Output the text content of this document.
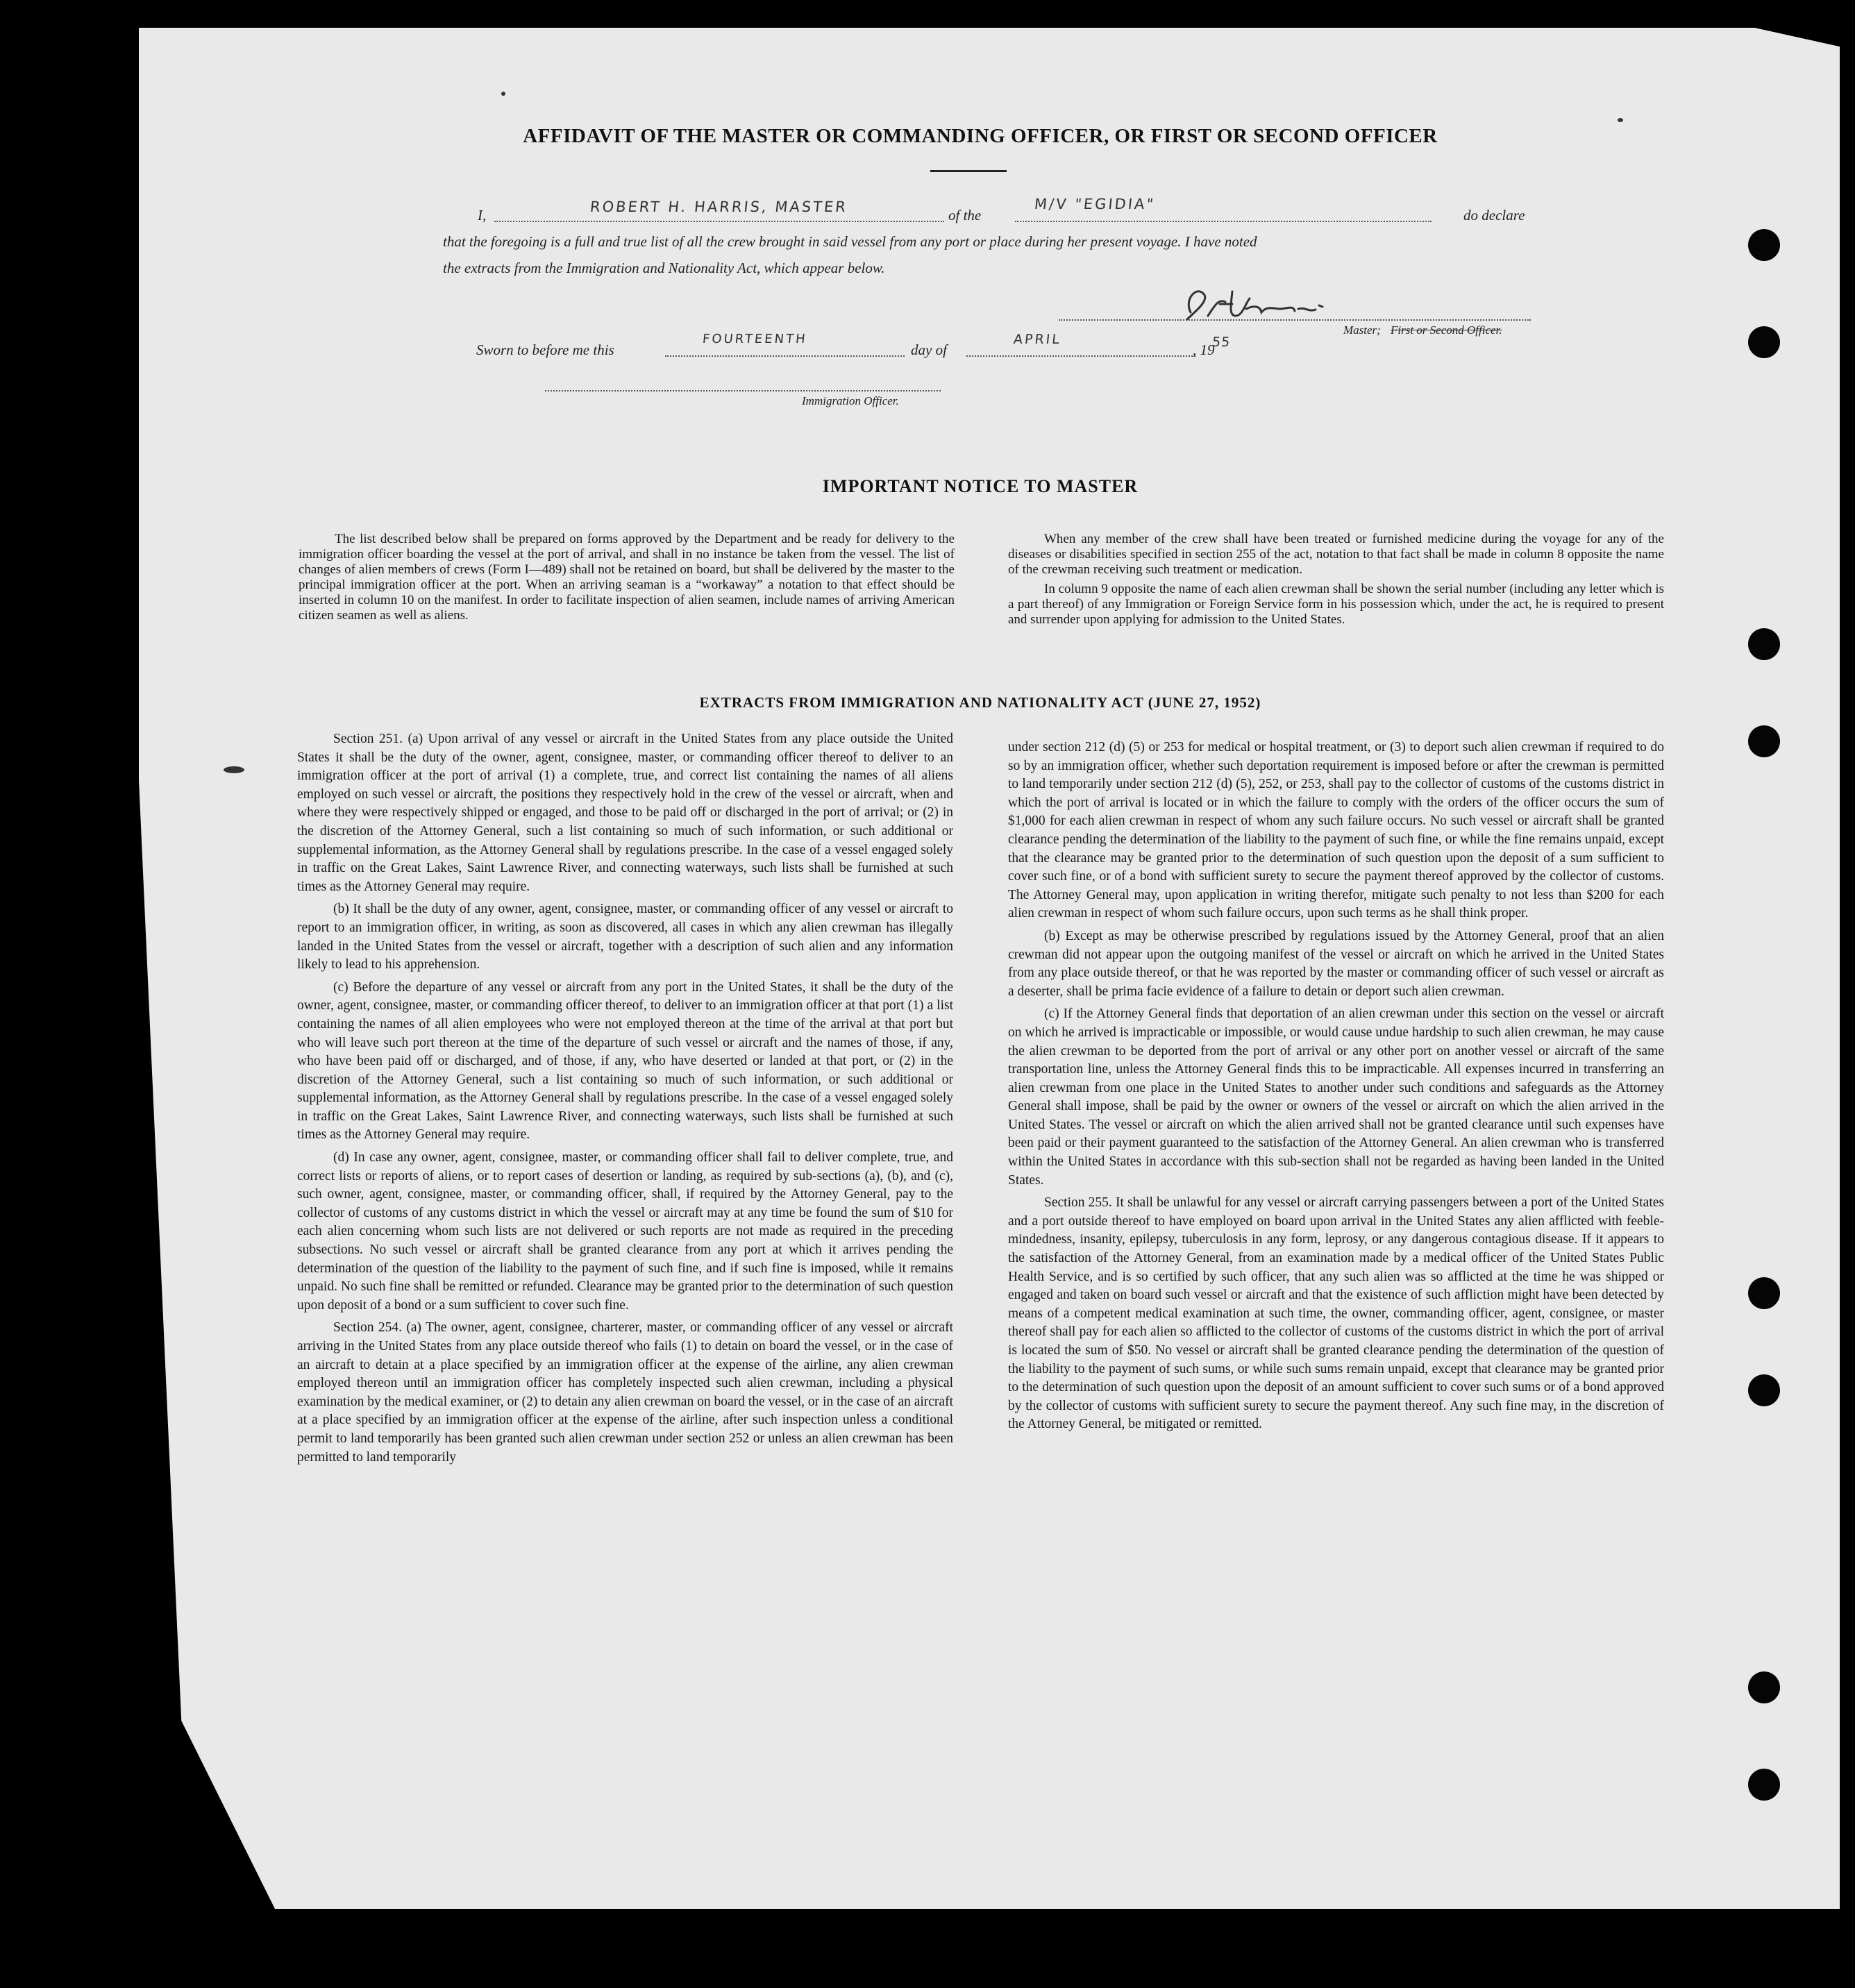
AFFIDAVIT OF THE MASTER OR COMMANDING OFFICER, OR FIRST OR SECOND OFFICER
I,	ROBERT H. HARRIS, MASTER	of the
M/V "EGIDIA"
do declare
that the foregoing is a full and true list of all the crew brought in said vessel from any port or place during her present voyage. I have noted
the extracts from the Immigration and Nationality Act, which appear below.
Master; First or Second Officer.
Sworn to before me this
FOURTEENTH
day of
APRIL
, 19
55
Immigration Officer.
IMPORTANT NOTICE TO MASTER

The list described below shall be prepared on forms approved by the Department and be ready for delivery to the immigration officer boarding the vessel at the port of arrival, and shall in no instance be taken from the vessel. The list of changes of alien members of crews (Form I—489) shall not be retained on board, but shall be delivered by the master to the principal immigration officer at the port. When an arriving seaman is a “workaway” a notation to that effect should be inserted in column 10 on the manifest. In order to facilitate inspection of alien seamen, include names of arriving American citizen seamen as well as aliens.

When any member of the crew shall have been treated or furnished medicine during the voyage for any of the diseases or disabilities specified in section 255 of the act, notation to that fact shall be made in column 8 opposite the name of the crewman receiving such treatment or medication.

In column 9 opposite the name of each alien crewman shall be shown the serial number (including any letter which is a part thereof) of any Immigration or Foreign Service form in his possession which, under the act, he is required to present and surrender upon applying for admission to the United States.

EXTRACTS FROM IMMIGRATION AND NATIONALITY ACT (JUNE 27, 1952)

Section 251. (a) Upon arrival of any vessel or aircraft in the United States from any place outside the United States it shall be the duty of the owner, agent, consignee, master, or commanding officer thereof to deliver to an immigration officer at the port of arrival (1) a complete, true, and correct list containing the names of all aliens employed on such vessel or aircraft, the positions they respectively hold in the crew of the vessel or aircraft, when and where they were respectively shipped or engaged, and those to be paid off or discharged in the port of arrival; or (2) in the discretion of the Attorney General, such a list containing so much of such information, or such additional or supplemental information, as the Attorney General shall by regulations prescribe. In the case of a vessel engaged solely in traffic on the Great Lakes, Saint Lawrence River, and connecting waterways, such lists shall be furnished at such times as the Attorney General may require.

(b) It shall be the duty of any owner, agent, consignee, master, or commanding officer of any vessel or aircraft to report to an immigration officer, in writing, as soon as discovered, all cases in which any alien crewman has illegally landed in the United States from the vessel or aircraft, together with a description of such alien and any information likely to lead to his apprehension.

(c) Before the departure of any vessel or aircraft from any port in the United States, it shall be the duty of the owner, agent, consignee, master, or commanding officer thereof, to deliver to an immigration officer at that port (1) a list containing the names of all alien employees who were not employed thereon at the time of the arrival at that port but who will leave such port thereon at the time of the departure of such vessel or aircraft and the names of those, if any, who have been paid off or discharged, and of those, if any, who have deserted or landed at that port, or (2) in the discretion of the Attorney General, such a list containing so much of such information, or such additional or supplemental information, as the Attorney General shall by regulations prescribe. In the case of a vessel engaged solely in traffic on the Great Lakes, Saint Lawrence River, and connecting waterways, such lists shall be furnished at such times as the Attorney General may require.

(d) In case any owner, agent, consignee, master, or commanding officer shall fail to deliver complete, true, and correct lists or reports of aliens, or to report cases of desertion or landing, as required by sub-sections (a), (b), and (c), such owner, agent, consignee, master, or commanding officer, shall, if required by the Attorney General, pay to the collector of customs of any customs district in which the vessel or aircraft may at any time be found the sum of $10 for each alien concerning whom such lists are not delivered or such reports are not made as required in the preceding subsections. No such vessel or aircraft shall be granted clearance from any port at which it arrives pending the determination of the question of the liability to the payment of such fine, and if such fine is imposed, while it remains unpaid. No such fine shall be remitted or refunded. Clearance may be granted prior to the determination of such question upon deposit of a bond or a sum sufficient to cover such fine.

Section 254. (a) The owner, agent, consignee, charterer, master, or commanding officer of any vessel or aircraft arriving in the United States from any place outside thereof who fails (1) to detain on board the vessel, or in the case of an aircraft to detain at a place specified by an immigration officer at the expense of the airline, any alien crewman employed thereon until an immigration officer has completely inspected such alien crewman, including a physical examination by the medical examiner, or (2) to detain any alien crewman on board the vessel, or in the case of an aircraft at a place specified by an immigration officer at the expense of the airline, after such inspection unless a conditional permit to land temporarily has been granted such alien crewman under section 252 or unless an alien crewman has been permitted to land temporarily

under section 212 (d) (5) or 253 for medical or hospital treatment, or (3) to deport such alien crewman if required to do so by an immigration officer, whether such deportation requirement is imposed before or after the crewman is permitted to land temporarily under section 212 (d) (5), 252, or 253, shall pay to the collector of customs of the customs district in which the port of arrival is located or in which the failure to comply with the orders of the officer occurs the sum of $1,000 for each alien crewman in respect of whom any such failure occurs. No such vessel or aircraft shall be granted clearance pending the determination of the liability to the payment of such fine, or while the fine remains unpaid, except that the clearance may be granted prior to the determination of such question upon the deposit of a sum sufficient to cover such fine, or of a bond with sufficient surety to secure the payment thereof approved by the collector of customs. The Attorney General may, upon application in writing therefor, mitigate such penalty to not less than $200 for each alien crewman in respect of whom such failure occurs, upon such terms as he shall think proper.

(b) Except as may be otherwise prescribed by regulations issued by the Attorney General, proof that an alien crewman did not appear upon the outgoing manifest of the vessel or aircraft on which he arrived in the United States from any place outside thereof, or that he was reported by the master or commanding officer of such vessel or aircraft as a deserter, shall be prima facie evidence of a failure to detain or deport such alien crewman.

(c) If the Attorney General finds that deportation of an alien crewman under this section on the vessel or aircraft on which he arrived is impracticable or impossible, or would cause undue hardship to such alien crewman, he may cause the alien crewman to be deported from the port of arrival or any other port on another vessel or aircraft of the same transportation line, unless the Attorney General finds this to be impracticable. All expenses incurred in transferring an alien crewman from one place in the United States to another under such conditions and safeguards as the Attorney General shall impose, shall be paid by the owner or owners of the vessel or aircraft on which the alien arrived in the United States. The vessel or aircraft on which the alien arrived shall not be granted clearance until such expenses have been paid or their payment guaranteed to the satisfaction of the Attorney General. An alien crewman who is transferred within the United States in accordance with this sub-section shall not be regarded as having been landed in the United States.

Section 255. It shall be unlawful for any vessel or aircraft carrying passengers between a port of the United States and a port outside thereof to have employed on board upon arrival in the United States any alien afflicted with feeble-mindedness, insanity, epilepsy, tuberculosis in any form, leprosy, or any dangerous contagious disease. If it appears to the satisfaction of the Attorney General, from an examination made by a medical officer of the United States Public Health Service, and is so certified by such officer, that any such alien was so afflicted at the time he was shipped or engaged and taken on board such vessel or aircraft and that the existence of such affliction might have been detected by means of a competent medical examination at such time, the owner, commanding officer, agent, consignee, or master thereof shall pay for each alien so afflicted to the collector of customs of the customs district in which the port of arrival is located the sum of $50. No vessel or aircraft shall be granted clearance pending the determination of the question of the liability to the payment of such sums, or while such sums remain unpaid, except that clearance may be granted prior to the determination of such question upon the deposit of an amount sufficient to cover such sums or of a bond approved by the collector of customs with sufficient surety to secure the payment thereof. Any such fine may, in the discretion of the Attorney General, be mitigated or remitted.
